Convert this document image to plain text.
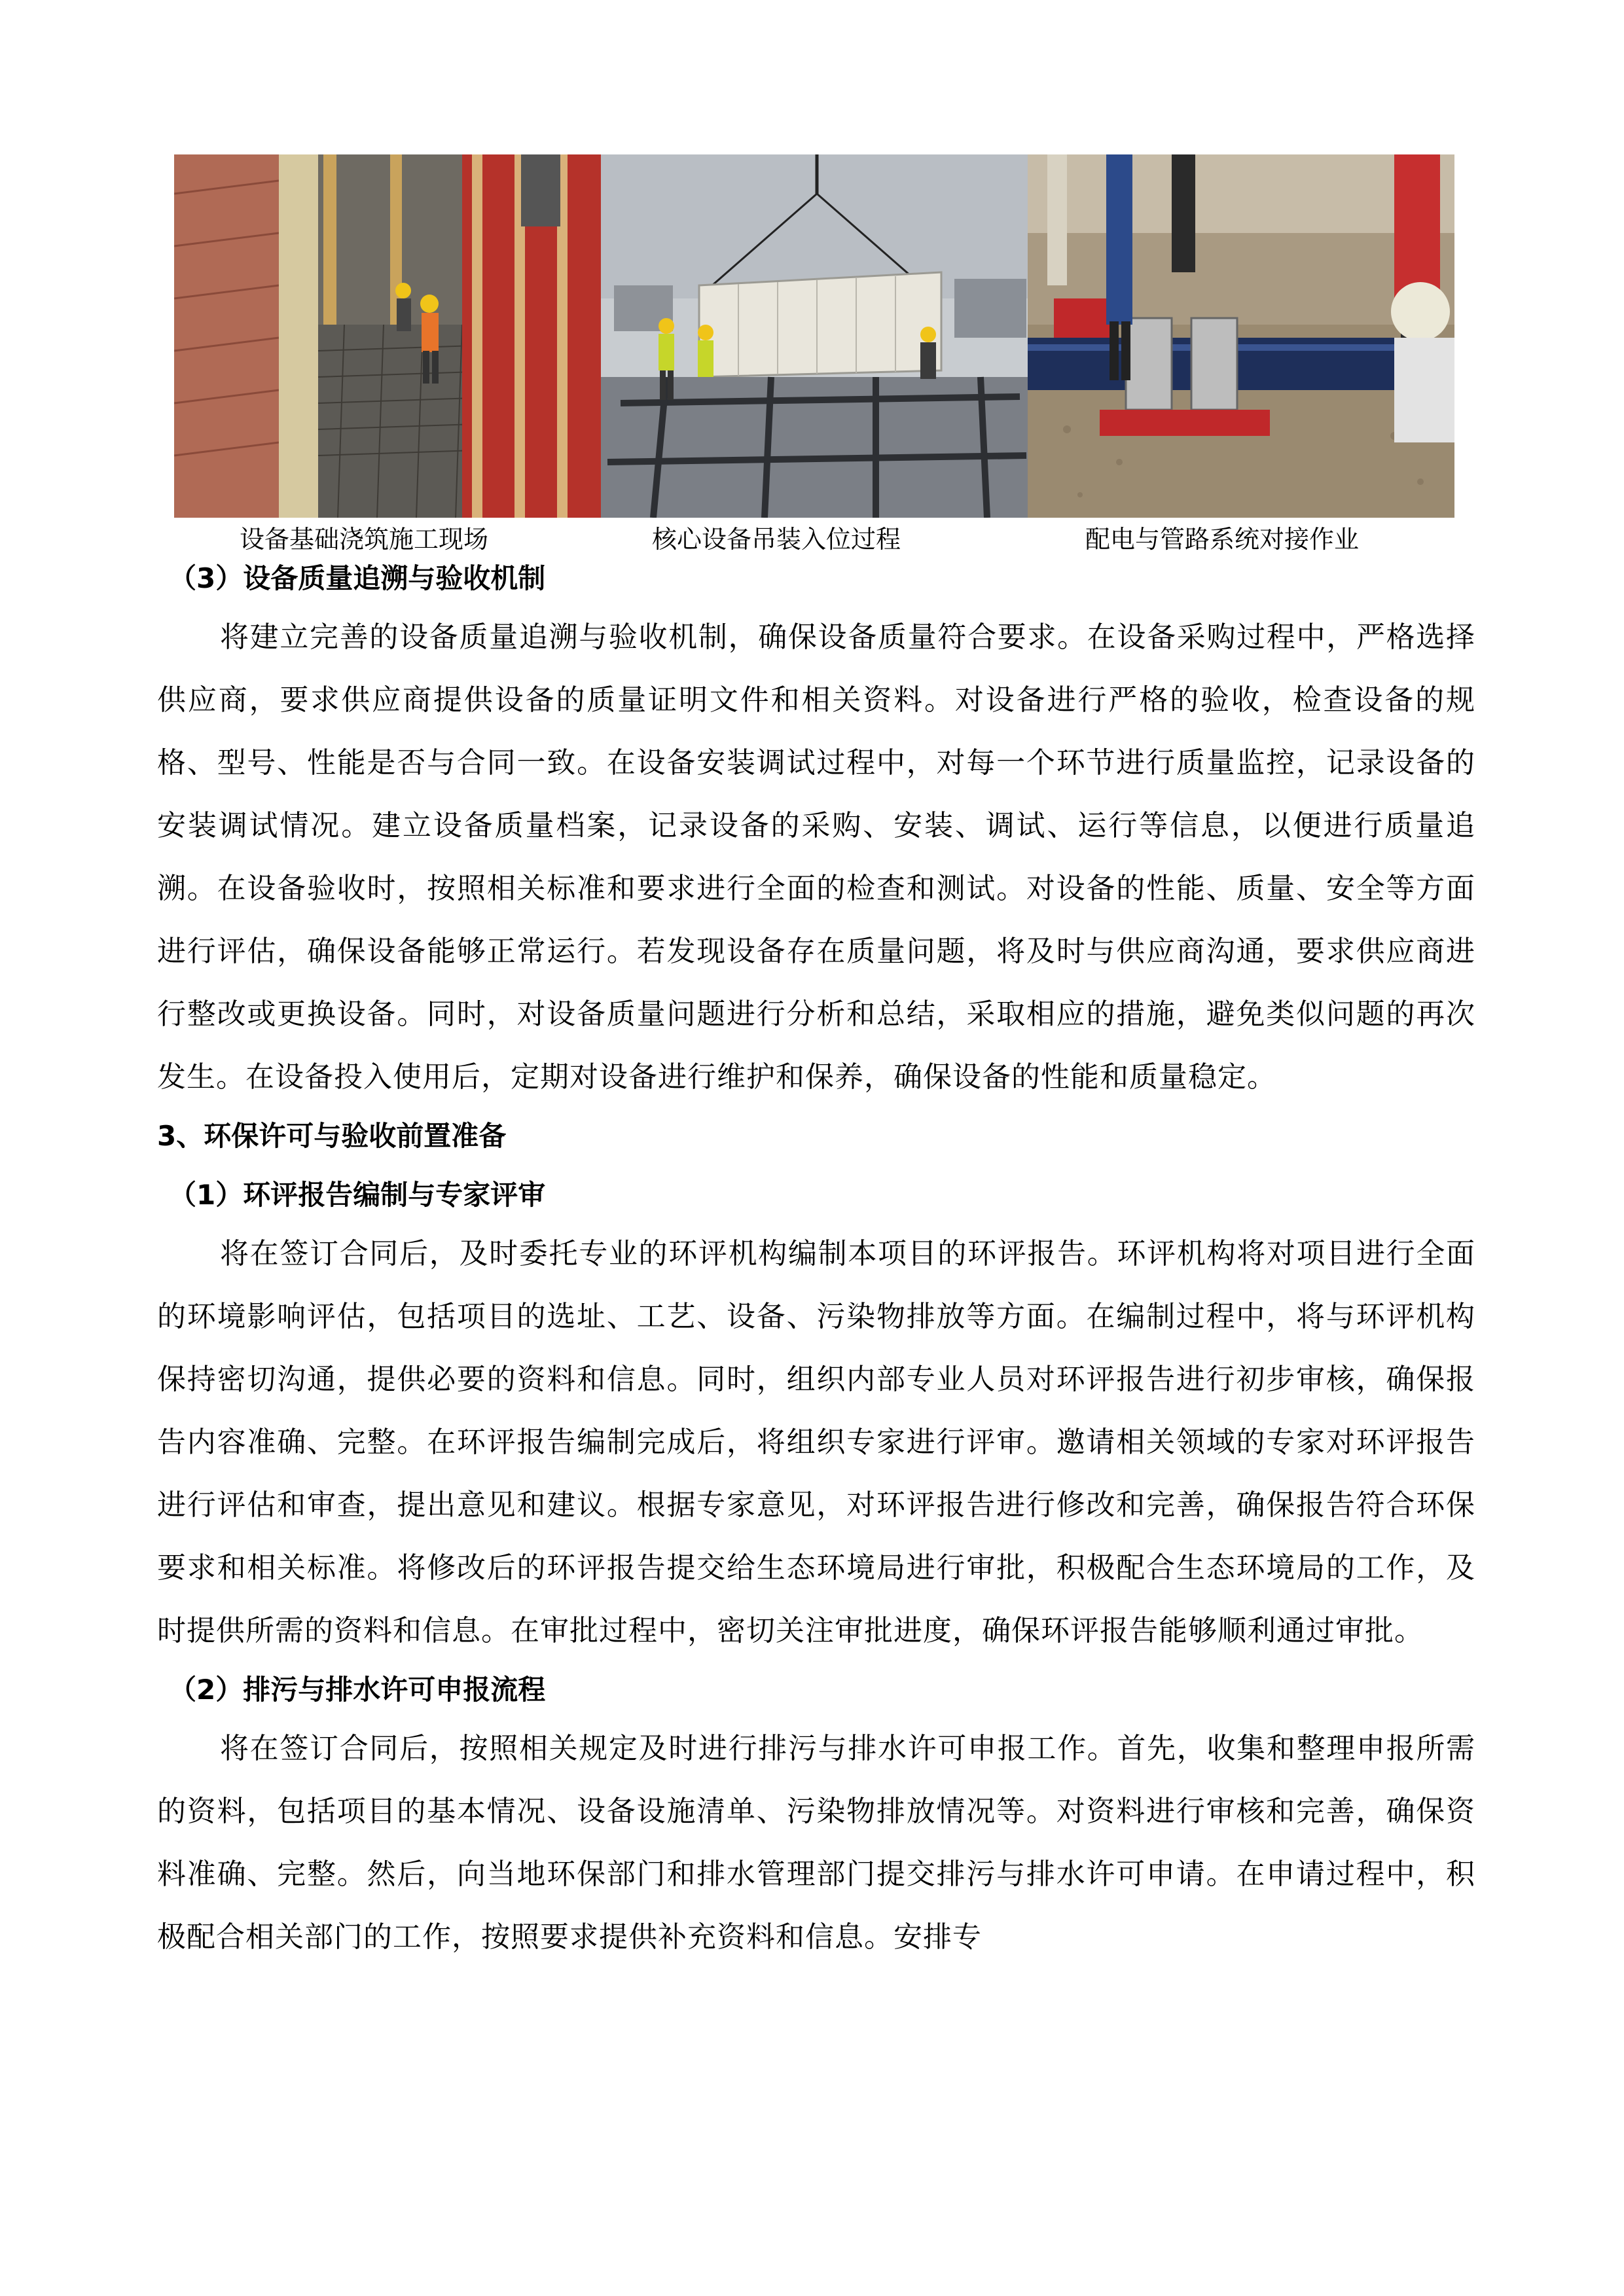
设备基础浇筑施工现场	核心设备吊装入位过程	配电与管路系统对接作业
（3）设备质量追溯与验收机制

将建立完善的设备质量追溯与验收机制，确保设备质量符合要求。在设备采购过程中，严格选择供应商，要求供应商提供设备的质量证明文件和相关资料。对设备进行严格的验收，检查设备的规格、型号、性能是否与合同一致。在设备安装调试过程中，对每一个环节进行质量监控，记录设备的安装调试情况。建立设备质量档案，记录设备的采购、安装、调试、运行等信息，以便进行质量追溯。在设备验收时，按照相关标准和要求进行全面的检查和测试。对设备的性能、质量、安全等方面进行评估，确保设备能够正常运行。若发现设备存在质量问题，将及时与供应商沟通，要求供应商进行整改或更换设备。同时，对设备质量问题进行分析和总结，采取相应的措施，避免类似问题的再次发生。在设备投入使用后，定期对设备进行维护和保养，确保设备的性能和质量稳定。

3、环保许可与验收前置准备
（1）环评报告编制与专家评审

将在签订合同后，及时委托专业的环评机构编制本项目的环评报告。环评机构将对项目进行全面的环境影响评估，包括项目的选址、工艺、设备、污染物排放等方面。在编制过程中，将与环评机构保持密切沟通，提供必要的资料和信息。同时，组织内部专业人员对环评报告进行初步审核，确保报告内容准确、完整。在环评报告编制完成后，将组织专家进行评审。邀请相关领域的专家对环评报告进行评估和审查，提出意见和建议。根据专家意见，对环评报告进行修改和完善，确保报告符合环保要求和相关标准。将修改后的环评报告提交给生态环境局进行审批，积极配合生态环境局的工作，及时提供所需的资料和信息。在审批过程中，密切关注审批进度，确保环评报告能够顺利通过审批。

（2）排污与排水许可申报流程

将在签订合同后，按照相关规定及时进行排污与排水许可申报工作。首先，收集和整理申报所需的资料，包括项目的基本情况、设备设施清单、污染物排放情况等。对资料进行审核和完善，确保资料准确、完整。然后，向当地环保部门和排水管理部门提交排污与排水许可申请。在申请过程中，积极配合相关部门的工作，按照要求提供补充资料和信息。安排专
